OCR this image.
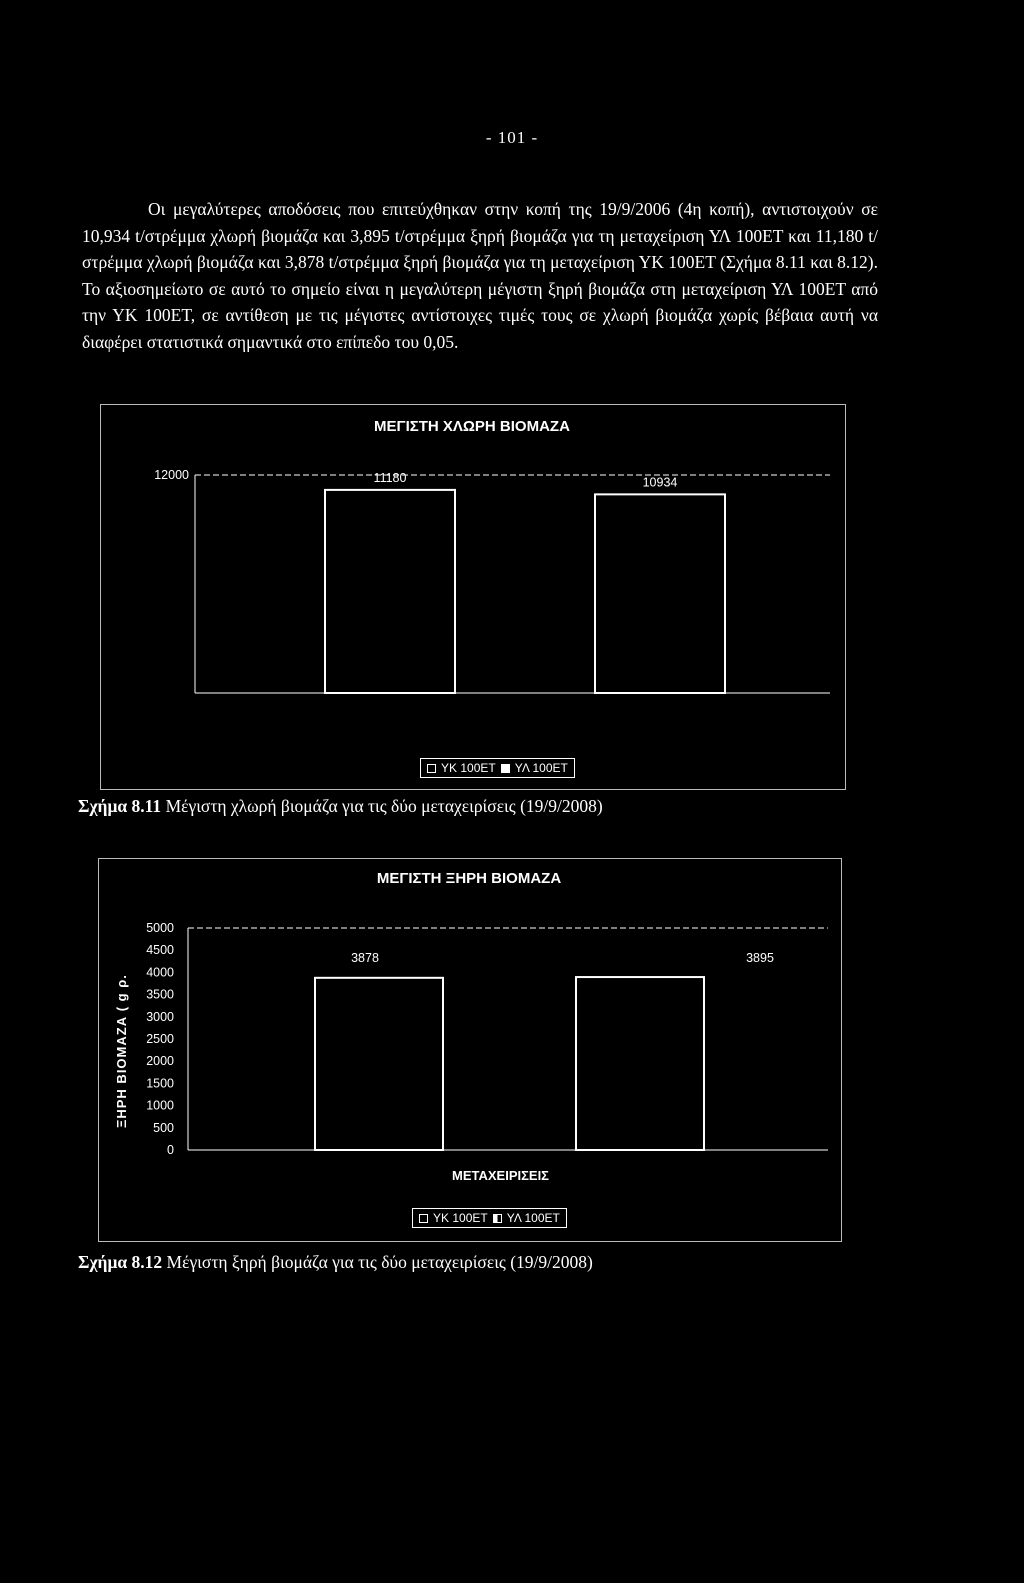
- 101 -

Οι μεγαλύτερες αποδόσεις που επιτεύχθηκαν στην κοπή της 19/9/2006 (4η κοπή), αντιστοιχούν σε 10,934 t/στρέμμα χλωρή βιομάζα και 3,895 t/στρέμμα ξηρή βιομάζα για τη μεταχείριση ΥΛ 100ΕΤ και 11,180 t/στρέμμα χλωρή βιομάζα και 3,878 t/στρέμμα ξηρή βιομάζα για τη μεταχείριση ΥΚ 100ΕΤ (Σχήμα 8.11 και 8.12). Το αξιοσημείωτο σε αυτό το σημείο είναι η μεγαλύτερη μέγιστη ξηρή βιομάζα στη μεταχείριση ΥΛ 100ΕΤ από την ΥΚ 100ΕΤ, σε αντίθεση με τις μέγιστες αντίστοιχες τιμές τους σε χλωρή βιομάζα χωρίς βέβαια αυτή να διαφέρει στατιστικά σημαντικά στο επίπεδο του 0,05.

ΜΕΓΙΣΤΗ ΧΛΩΡΗ ΒΙΟΜΑΖΑ
12000	11180	10934
ΥΚ 100ΕΤ ΥΛ 100ΕΤ
Σχήμα 8.11 Μέγιστη χλωρή βιομάζα για τις δύο μεταχειρίσεις (19/9/2008)
ΜΕΓΙΣΤΗ ΞΗΡΗ ΒΙΟΜΑΖΑ
ΞΗΡΗ ΒΙΟΜΑΖΑ ( g ρ.
0
500
1000
1500
2000
2500
3000
3500
4000
4500
5000
3878	3895
ΜΕΤΑΧΕΙΡΙΣΕΙΣ
ΥΚ 100ΕΤ ΥΛ 100ΕΤ
Σχήμα 8.12 Μέγιστη ξηρή βιομάζα για τις δύο μεταχειρίσεις (19/9/2008)
